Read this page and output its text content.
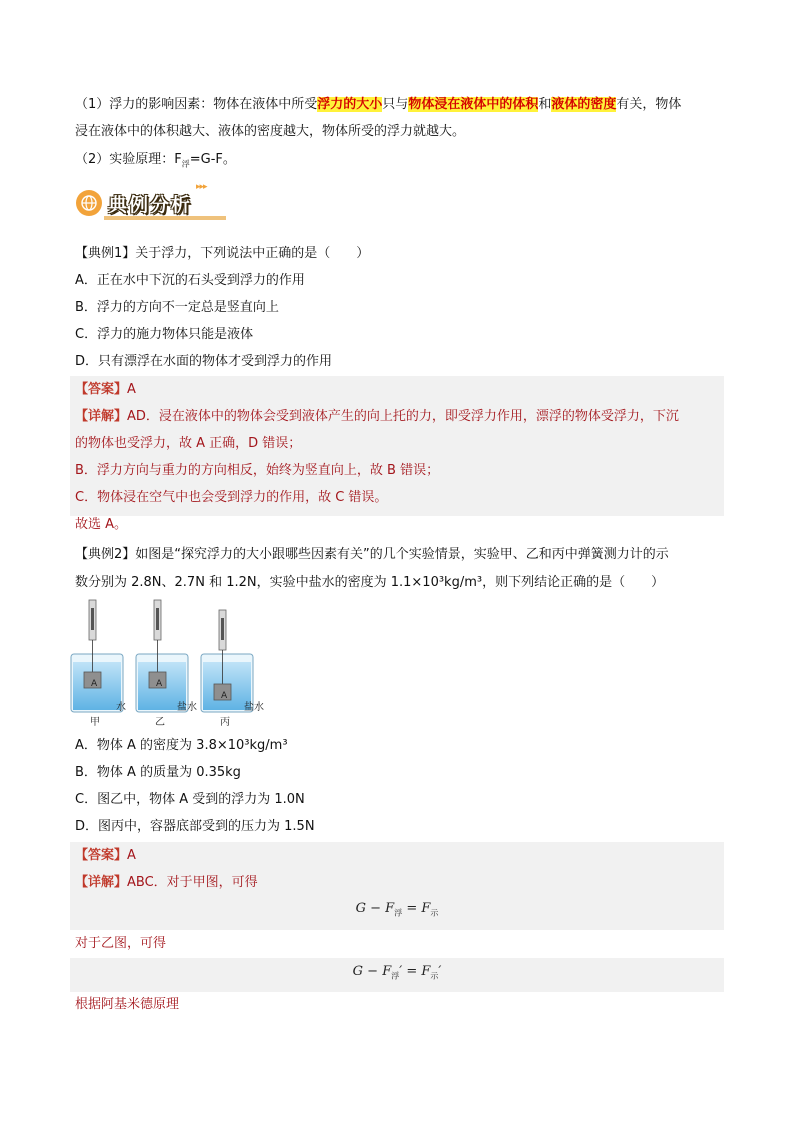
（1）浮力的影响因素：物体在液体中所受浮力的大小只与物体浸在液体中的体积和液体的密度有关，物体
浸在液体中的体积越大、液体的密度越大，物体所受的浮力就越大。
（2）实验原理：$F_浮=G-F$。
典例分析
▸▸▸
【典例1】关于浮力，下列说法中正确的是（　　）
A．正在水中下沉的石头受到浮力的作用
B．浮力的方向不一定总是竖直向上
C．浮力的施力物体只能是液体
D．只有漂浮在水面的物体才受到浮力的作用
【答案】A
【详解】AD．浸在液体中的物体会受到液体产生的向上托的力，即受浮力作用，漂浮的物体受浮力，下沉
的物体也受浮力，故 A 正确，D 错误；
B．浮力方向与重力的方向相反，始终为竖直向上，故 B 错误；
C．物体浸在空气中也会受到浮力的作用，故 C 错误。
故选 A。
【典例2】如图是“探究浮力的大小跟哪些因素有关”的几个实验情景，实验甲、乙和丙中弹簧测力计的示
数分别为 2.8N、2.7N 和 1.2N，实验中盐水的密度为 1.1×10³kg/m³，则下列结论正确的是（　　）
A	A
A
水	盐水	盐水
甲	乙	丙
A．物体 A 的密度为 3.8×10³kg/m³
B．物体 A 的质量为 0.35kg
C．图乙中，物体 A 受到的浮力为 1.0N
D．图丙中，容器底部受到的压力为 1.5N
【答案】A
【详解】ABC．对于甲图，可得
$G - F_浮 = F_示$
对于乙图，可得
$G - F_浮' = F_示'$
根据阿基米德原理
